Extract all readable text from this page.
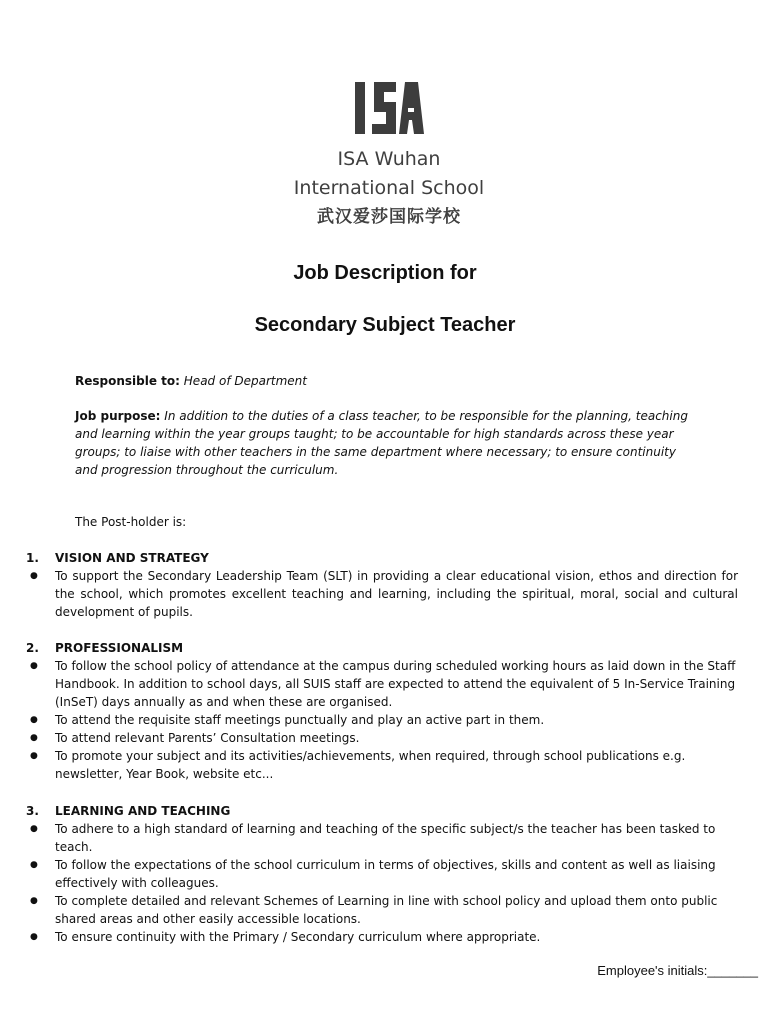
ISA Wuhan
International School
武汉爱莎国际学校
Job Description for
Secondary Subject Teacher
Responsible to: Head of Department
Job purpose: In addition to the duties of a class teacher, to be responsible for the planning, teaching and learning within the year groups taught; to be accountable for high standards across these year groups; to liaise with other teachers in the same department where necessary; to ensure continuity and progression throughout the curriculum.
The Post-holder is:
1.	VISION AND STRATEGY
●	To support the Secondary Leadership Team (SLT) in providing a clear educational vision, ethos and direction for the school, which promotes excellent teaching and learning, including the spiritual, moral, social and cultural development of pupils.
2.	PROFESSIONALISM
●	To follow the school policy of attendance at the campus during scheduled working hours as laid down in the Staff Handbook. In addition to school days, all SUIS staff are expected to attend the equivalent of 5 In-Service Training (InSeT) days annually as and when these are organised.
●	To attend the requisite staff meetings punctually and play an active part in them.
●	To attend relevant Parents’ Consultation meetings.
●	To promote your subject and its activities/achievements, when required, through school publications e.g. newsletter, Year Book, website etc...
3.	LEARNING AND TEACHING
●	To adhere to a high standard of learning and teaching of the specific subject/s the teacher has been tasked to teach.
●	To follow the expectations of the school curriculum in terms of objectives, skills and content as well as liaising effectively with colleagues.
●	To complete detailed and relevant Schemes of Learning in line with school policy and upload them onto public shared areas and other easily accessible locations.
●	To ensure continuity with the Primary / Secondary curriculum where appropriate.
Employee's initials:_______
